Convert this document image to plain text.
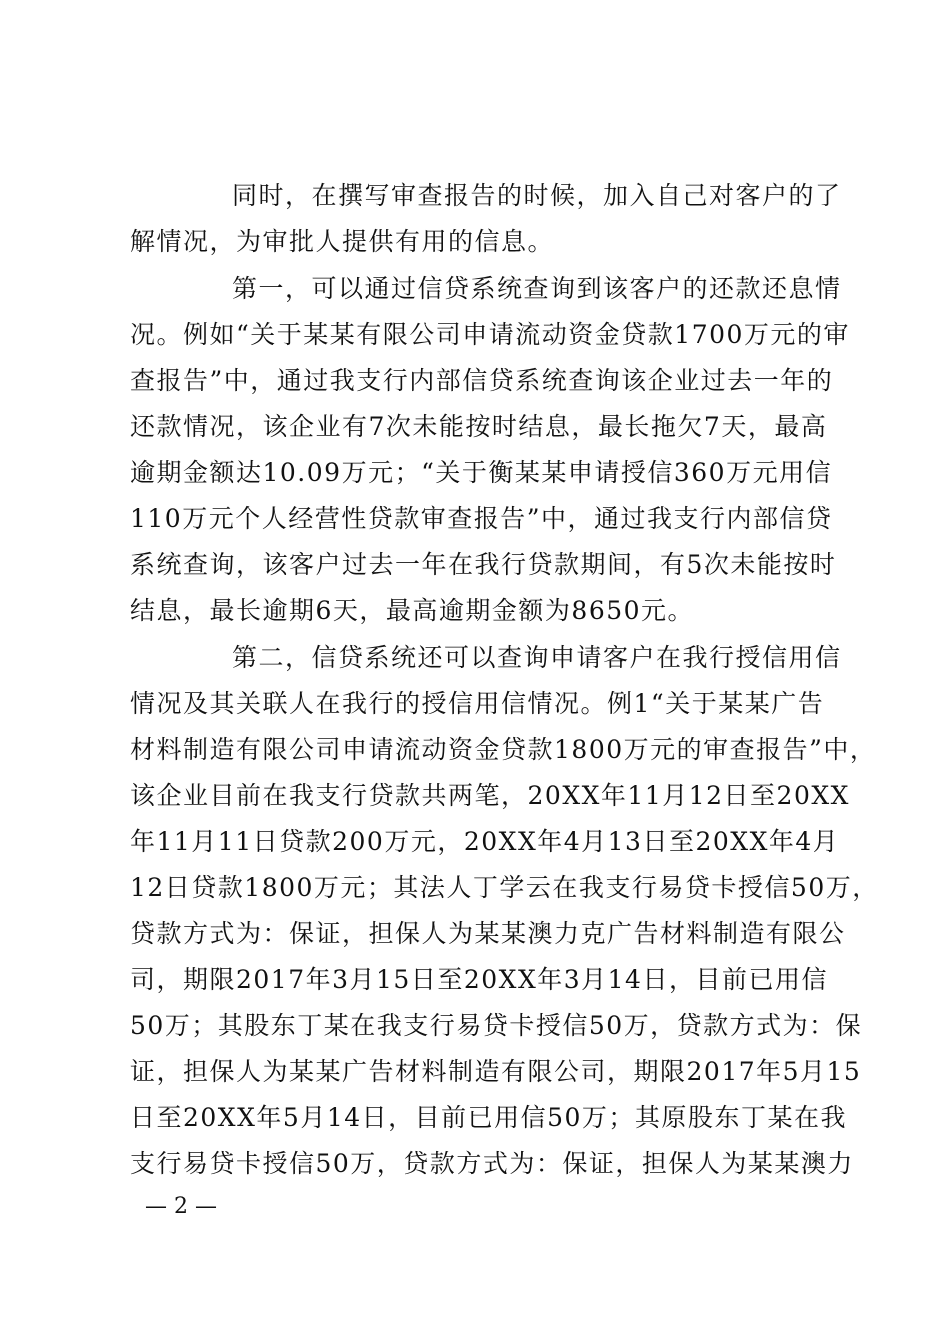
同时，在撰写审查报告的时候，加入自己对客户的了
解情况，为审批人提供有用的信息。
第一，可以通过信贷系统查询到该客户的还款还息情
况。例如“关于某某有限公司申请流动资金贷款1700万元的审
查报告”中，通过我支行内部信贷系统查询该企业过去一年的
还款情况，该企业有7次未能按时结息，最长拖欠7天，最高
逾期金额达10.09万元；“关于衡某某申请授信360万元用信
110万元个人经营性贷款审查报告”中，通过我支行内部信贷
系统查询，该客户过去一年在我行贷款期间，有5次未能按时
结息，最长逾期6天，最高逾期金额为8650元。
第二，信贷系统还可以查询申请客户在我行授信用信
情况及其关联人在我行的授信用信情况。例1“关于某某广告
材料制造有限公司申请流动资金贷款1800万元的审查报告”中，
该企业目前在我支行贷款共两笔，20XX年11月12日至20XX
年11月11日贷款200万元，20XX年4月13日至20XX年4月
12日贷款1800万元；其法人丁学云在我支行易贷卡授信50万，
贷款方式为：保证，担保人为某某澳力克广告材料制造有限公
司，期限2017年3月15日至20XX年3月14日，目前已用信
50万；其股东丁某在我支行易贷卡授信50万，贷款方式为：保
证，担保人为某某广告材料制造有限公司，期限2017年5月15
日至20XX年5月14日，目前已用信50万；其原股东丁某在我
支行易贷卡授信50万，贷款方式为：保证，担保人为某某澳力
— 2 —
